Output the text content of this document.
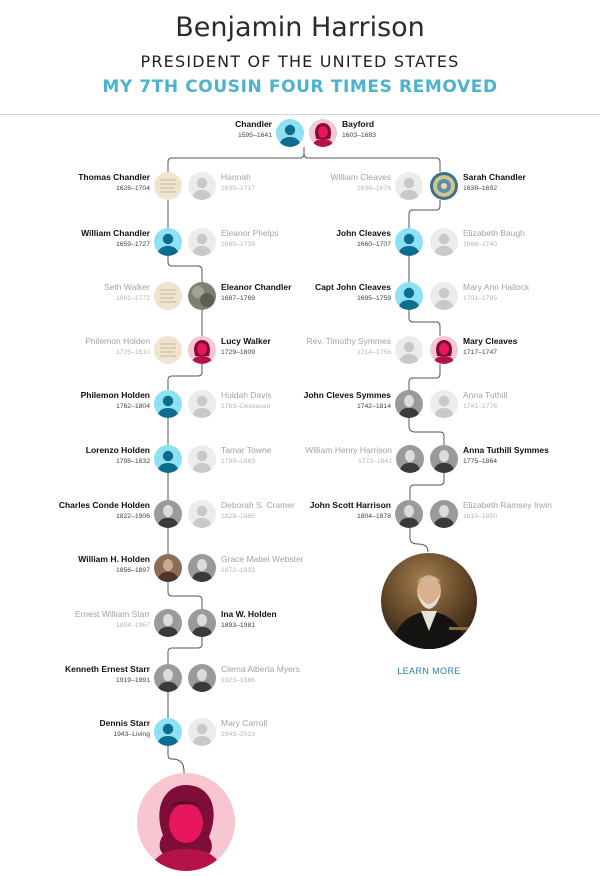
Benjamin Harrison
PRESIDENT OF THE UNITED STATES
MY 7TH COUSIN FOUR TIMES REMOVED
Chandler
1595–1641
Bayford
1603–1683
Thomas Chandler
1628–1704
Hannah
1630–1717
William Chandler
1659–1727
Eleanor Phelps
1660–1728
Seth Walker
1691–1772
Eleanor Chandler
1687–1769
Philemon Holden
1725–1810
Lucy Walker
1729–1809
Philemon Holden
1762–1804
Huldah Davis
1763–Deceased
Lorenzo Holden
1798–1832
Tamar Towne
1799–1869
Charles Conde Holden
1822–1906
Deborah S. Cramer
1828–1885
William H. Holden
1856–1897
Grace Mabel Webster
1872–1933
Ernest William Starr
1894–1967
Ina W. Holden
1893–1981
Kenneth Ernest Starr
1919–1991
Clema Alberta Myers
1923–1986
Dennis Starr
1943–Living
Mary Carroll
1943–2023
William Cleaves
1636–1676
Sarah Chandler
1638–1692
John Cleaves
1660–1707
Elizabeth Baugh
1666–1740
Capt John Cleaves
1695–1759
Mary Ann Hallock
1701–1785
Rev. Timothy Symmes
1714–1756
Mary Cleaves
1717–1747
John Cleves Symmes
1742–1814
Anna Tuthill
1741–1776
William Henry Harrison
1773–1841
Anna Tuthill Symmes
1775–1864
John Scott Harrison
1804–1878
Elizabeth Ramsey Irwin
1810–1850
LEARN MORE
